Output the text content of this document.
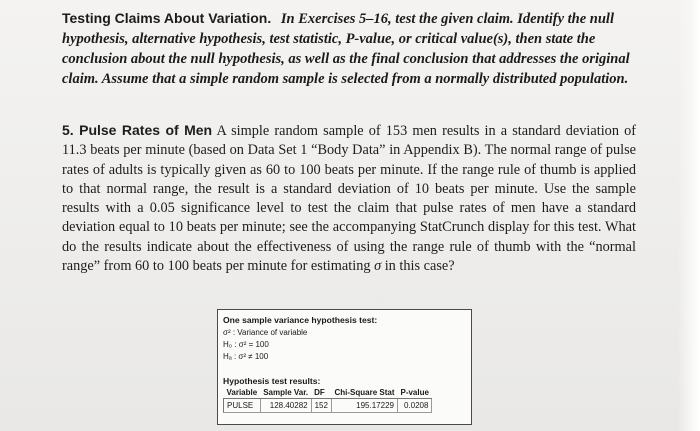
Testing Claims About Variation. In Exercises 5–16, test the given claim. Identify the null hypothesis, alternative hypothesis, test statistic, P-value, or critical value(s), then state the conclusion about the null hypothesis, as well as the final conclusion that addresses the original claim. Assume that a simple random sample is selected from a normally distributed population.
5. Pulse Rates of Men A simple random sample of 153 men results in a standard deviation of 11.3 beats per minute (based on Data Set 1 “Body Data” in Appendix B). The normal range of pulse rates of adults is typically given as 60 to 100 beats per minute. If the range rule of thumb is applied to that normal range, the result is a standard deviation of 10 beats per minute. Use the sample results with a 0.05 significance level to test the claim that pulse rates of men have a standard deviation equal to 10 beats per minute; see the accompanying StatCrunch display for this test. What do the results indicate about the effectiveness of using the range rule of thumb with the “normal range” from 60 to 100 beats per minute for estimating σ in this case?
One sample variance hypothesis test:
σ² : Variance of variable
H₀ : σ² = 100
Hₐ : σ² ≠ 100
Hypothesis test results:
Variable	Sample Var.	DF	Chi-Square Stat	P-value
PULSE	128.40282	152	195.17229	0.0208
